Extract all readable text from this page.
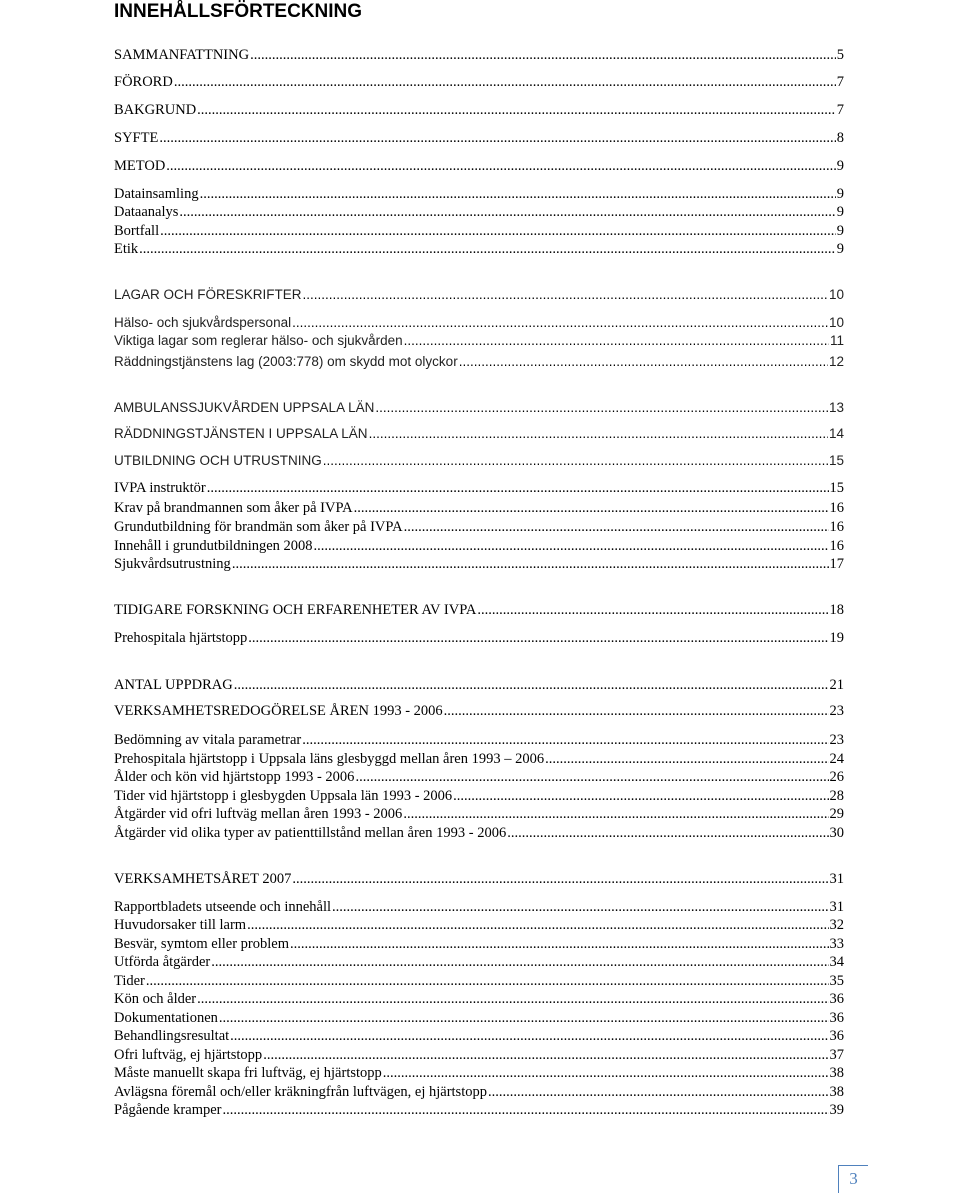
INNEHÅLLSFÖRTECKNING
SAMMANFATTNING .....	5
FÖRORD .....	7
BAKGRUND .....	7
SYFTE .....	8
METOD .....	9
Datainsamling .....	9
Dataanalys .....	9
Bortfall .....	9
Etik .....	9
LAGAR OCH FÖRESKRIFTER .....	10
Hälso- och sjukvårdspersonal .....	10
Viktiga lagar som reglerar hälso- och sjukvården .....	11
Räddningstjänstens lag (2003:778) om skydd mot olyckor .....	12
AMBULANSSJUKVÅRDEN UPPSALA LÄN .....	13
RÄDDNINGSTJÄNSTEN I UPPSALA LÄN .....	14
UTBILDNING OCH UTRUSTNING .....	15
IVPA instruktör .....	15
Krav på brandmannen som åker på IVPA .....	16
Grundutbildning för brandmän som åker på IVPA .....	16
Innehåll i grundutbildningen 2008 .....	16
Sjukvårdsutrustning .....	17
TIDIGARE FORSKNING OCH ERFARENHETER AV IVPA .....	18
Prehospitala hjärtstopp .....	19
ANTAL UPPDRAG .....	21
VERKSAMHETSREDOGÖRELSE ÅREN 1993 - 2006 .....	23
Bedömning av vitala parametrar .....	23
Prehospitala hjärtstopp i Uppsala läns glesbyggd mellan åren 1993 – 2006 .....	24
Ålder och kön vid hjärtstopp 1993 - 2006 .....	26
Tider vid hjärtstopp i glesbygden Uppsala län 1993 - 2006 .....	28
Åtgärder vid ofri luftväg mellan åren 1993 - 2006 .....	29
Åtgärder vid olika typer av patienttillstånd mellan åren 1993 - 2006 .....	30
VERKSAMHETSÅRET 2007 .....	31
Rapportbladets utseende och innehåll .....	31
Huvudorsaker till larm .....	32
Besvär, symtom eller problem .....	33
Utförda åtgärder .....	34
Tider .....	35
Kön och ålder .....	36
Dokumentationen .....	36
Behandlingsresultat .....	36
Ofri luftväg, ej hjärtstopp .....	37
Måste manuellt skapa fri luftväg, ej hjärtstopp .....	38
Avlägsna föremål och/eller kräkningfrån luftvägen, ej hjärtstopp .....	38
Pågående kramper .....	39
3
